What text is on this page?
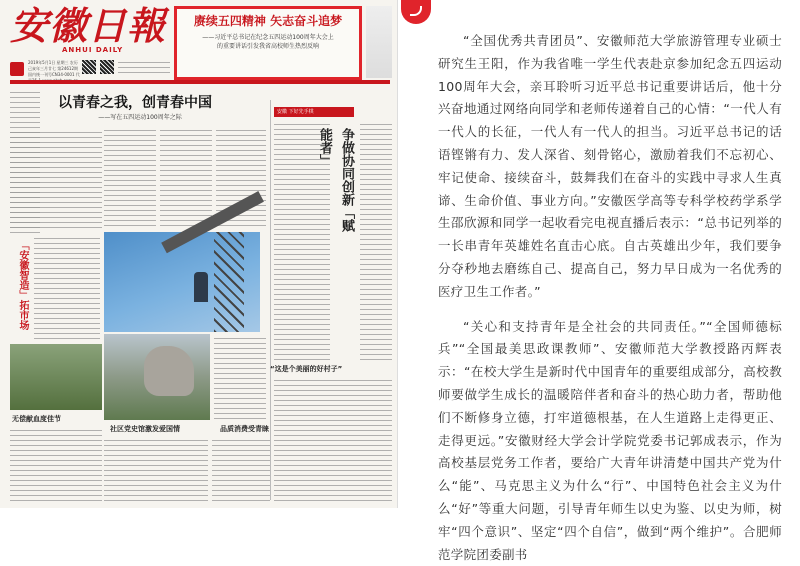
安徽日報
ANHUI DAILY
2019年5月1日 星期三 农历己亥年三月廿七 第24612期 国内统一刊号CN34-0001 代
赓续五四精神 矢志奋斗追梦
——习近平总书记在纪念五四运动100周年大会上
的重要讲话引发我省高校师生热烈反响
以青春之我，创青春中国
——写在五四运动100周年之际
安徽 下好先手棋
争做协同创新「赋能者」
「安徽智造」拓市场
“这是个美丽的好村子”
无偿献血度佳节
社区党史馆激发爱国情	品质消费受青睐

“全国优秀共青团员”、安徽师范大学旅游管理专业硕士研究生王阳，作为我省唯一学生代表赴京参加纪念五四运动100周年大会，亲耳聆听习近平总书记重要讲话后，他十分兴奋地通过网络向同学和老师传递着自己的心情：“一代人有一代人的长征，一代人有一代人的担当。习近平总书记的话语铿锵有力、发人深省、刻骨铭心，激励着我们不忘初心、牢记使命、接续奋斗，鼓舞我们在奋斗的实践中寻求人生真谛、生命价值、事业方向。”安徽医学高等专科学校药学系学生邵欣源和同学一起收看完电视直播后表示：“总书记列举的一长串青年英雄姓名直击心底。自古英雄出少年，我们要争分夺秒地去磨练自己、提高自己，努力早日成为一名优秀的医疗卫生工作者。”

“关心和支持青年是全社会的共同责任。”“全国师德标兵”“全国最美思政课教师”、安徽师范大学教授路丙辉表示：“在校大学生是新时代中国青年的重要组成部分，高校教师要做学生成长的温暖陪伴者和奋斗的热心助力者，帮助他们不断修身立德，打牢道德根基，在人生道路上走得更正、走得更远。”安徽财经大学会计学院党委书记郭成表示，作为高校基层党务工作者，要给广大青年讲清楚中国共产党为什么“能”、马克思主义为什么“行”、中国特色社会主义为什么“好”等重大问题，引导青年师生以史为鉴、以史为师，树牢“四个意识”、坚定“四个自信”，做到“两个维护”。合肥师范学院团委副书
